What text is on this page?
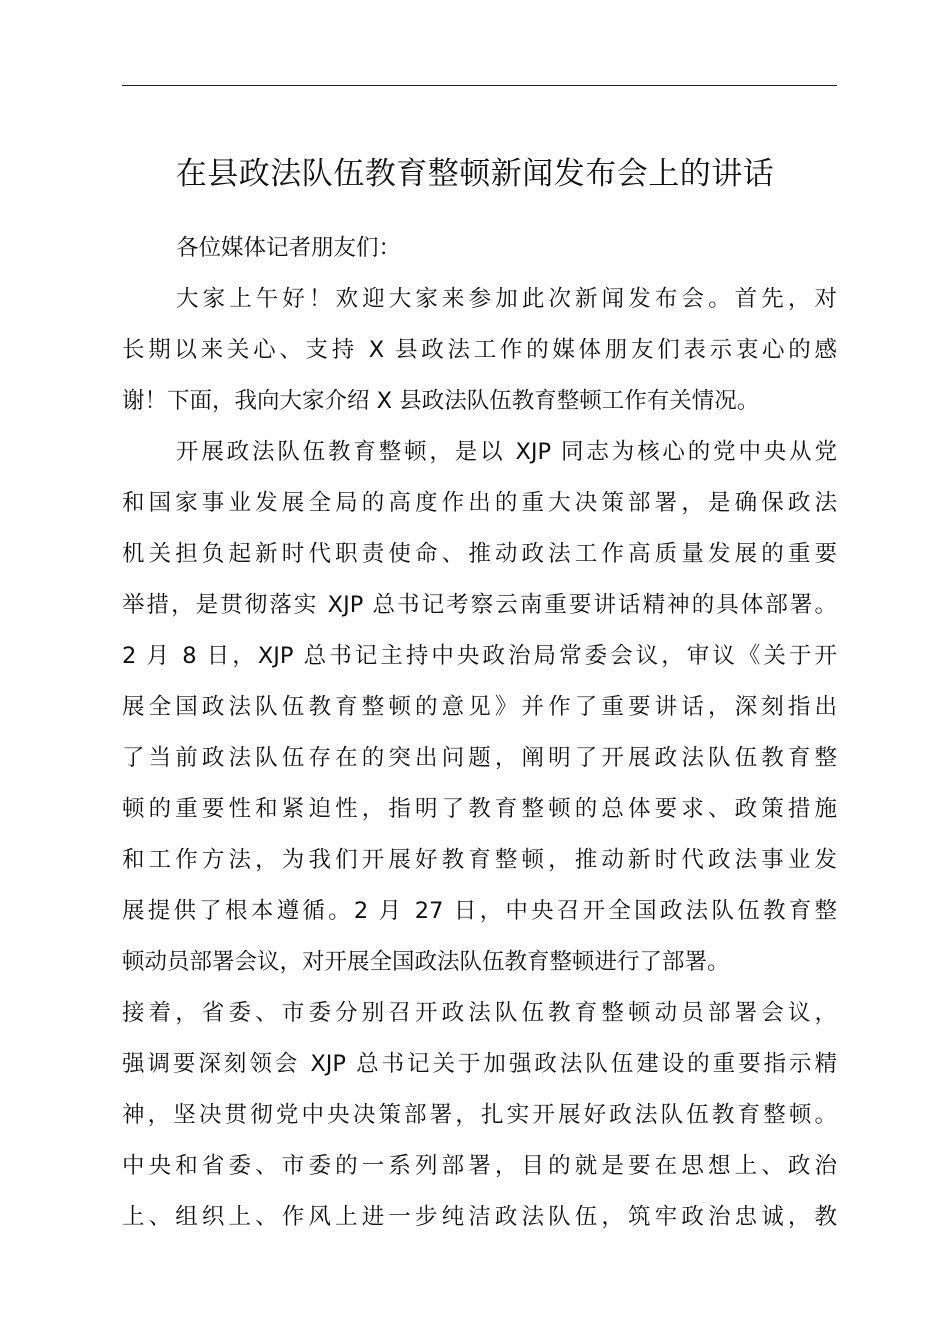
在县政法队伍教育整顿新闻发布会上的讲话
各位媒体记者朋友们：
大家上午好！欢迎大家来参加此次新闻发布会。首先，对
长期以来关心、支持 X 县政法工作的媒体朋友们表示衷心的感
谢！下面，我向大家介绍 X 县政法队伍教育整顿工作有关情况。
开展政法队伍教育整顿，是以 XJP 同志为核心的党中央从党
和国家事业发展全局的高度作出的重大决策部署，是确保政法
机关担负起新时代职责使命、推动政法工作高质量发展的重要
举措，是贯彻落实 XJP 总书记考察云南重要讲话精神的具体部署。
2 月 8 日，XJP 总书记主持中央政治局常委会议，审议《关于开
展全国政法队伍教育整顿的意见》并作了重要讲话，深刻指出
了当前政法队伍存在的突出问题，阐明了开展政法队伍教育整
顿的重要性和紧迫性，指明了教育整顿的总体要求、政策措施
和工作方法，为我们开展好教育整顿，推动新时代政法事业发
展提供了根本遵循。2 月 27 日，中央召开全国政法队伍教育整
顿动员部署会议，对开展全国政法队伍教育整顿进行了部署。
接着，省委、市委分别召开政法队伍教育整顿动员部署会议，
强调要深刻领会 XJP 总书记关于加强政法队伍建设的重要指示精
神，坚决贯彻党中央决策部署，扎实开展好政法队伍教育整顿。
中央和省委、市委的一系列部署，目的就是要在思想上、政治
上、组织上、作风上进一步纯洁政法队伍，筑牢政治忠诚，教
